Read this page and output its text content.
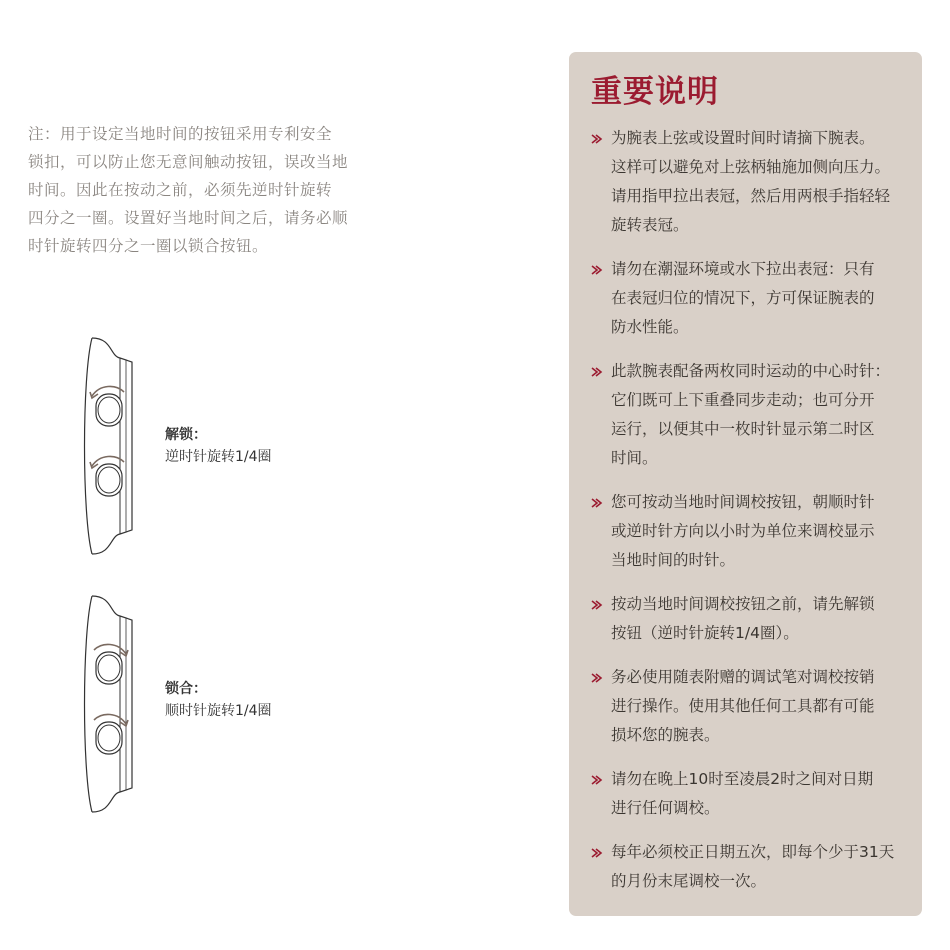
注：用于设定当地时间的按钮采用专利安全

锁扣，可以防止您无意间触动按钮，误改当地

时间。因此在按动之前，必须先逆时针旋转

四分之一圈。设置好当地时间之后，请务必顺

时针旋转四分之一圈以锁合按钮。

解锁：
逆时针旋转1/4圈
锁合：
顺时针旋转1/4圈
重要说明
为腕表上弦或设置时间时请摘下腕表。
这样可以避免对上弦柄轴施加侧向压力。
请用指甲拉出表冠，然后用两根手指轻轻
旋转表冠。
请勿在潮湿环境或水下拉出表冠：只有
在表冠归位的情况下，方可保证腕表的
防水性能。
此款腕表配备两枚同时运动的中心时针：
它们既可上下重叠同步走动；也可分开
运行，以便其中一枚时针显示第二时区
时间。
您可按动当地时间调校按钮，朝顺时针
或逆时针方向以小时为单位来调校显示
当地时间的时针。
按动当地时间调校按钮之前，请先解锁
按钮（逆时针旋转1/4圈）。
务必使用随表附赠的调试笔对调校按销
进行操作。使用其他任何工具都有可能
损坏您的腕表。
请勿在晚上10时至凌晨2时之间对日期
进行任何调校。
每年必须校正日期五次，即每个少于31天
的月份末尾调校一次。
